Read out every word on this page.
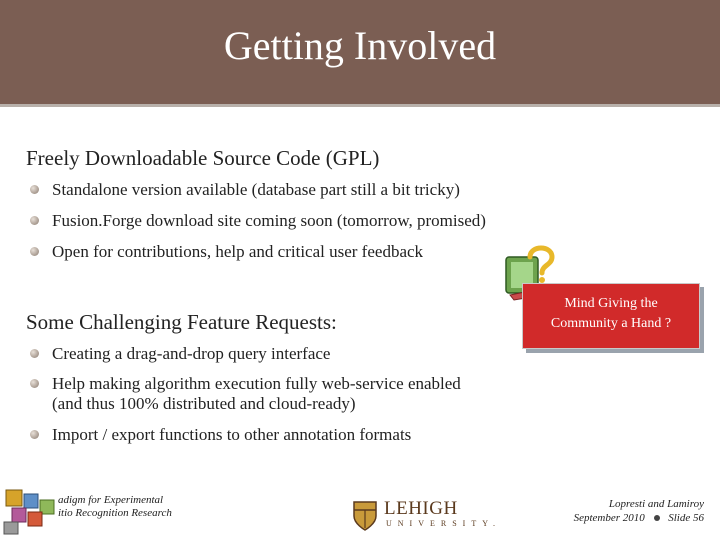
Getting Involved
Freely Downloadable Source Code (GPL)
Standalone version available (database part still a bit tricky)
Fusion.Forge download site coming soon (tomorrow, promised)
Open for contributions, help and critical user feedback
Some Challenging Feature Requests:
Creating a drag-and-drop query interface
Help making algorithm execution fully web-service enabled
(and thus 100% distributed and cloud-ready)
Import / export functions to other annotation formats
Mind Giving the
Community a Hand ?
adigm for Experimental
itio Recognition Research	LEHIGH
UNIVERSITY.
Lopresti and Lamiroy
September 2010 Slide 56
